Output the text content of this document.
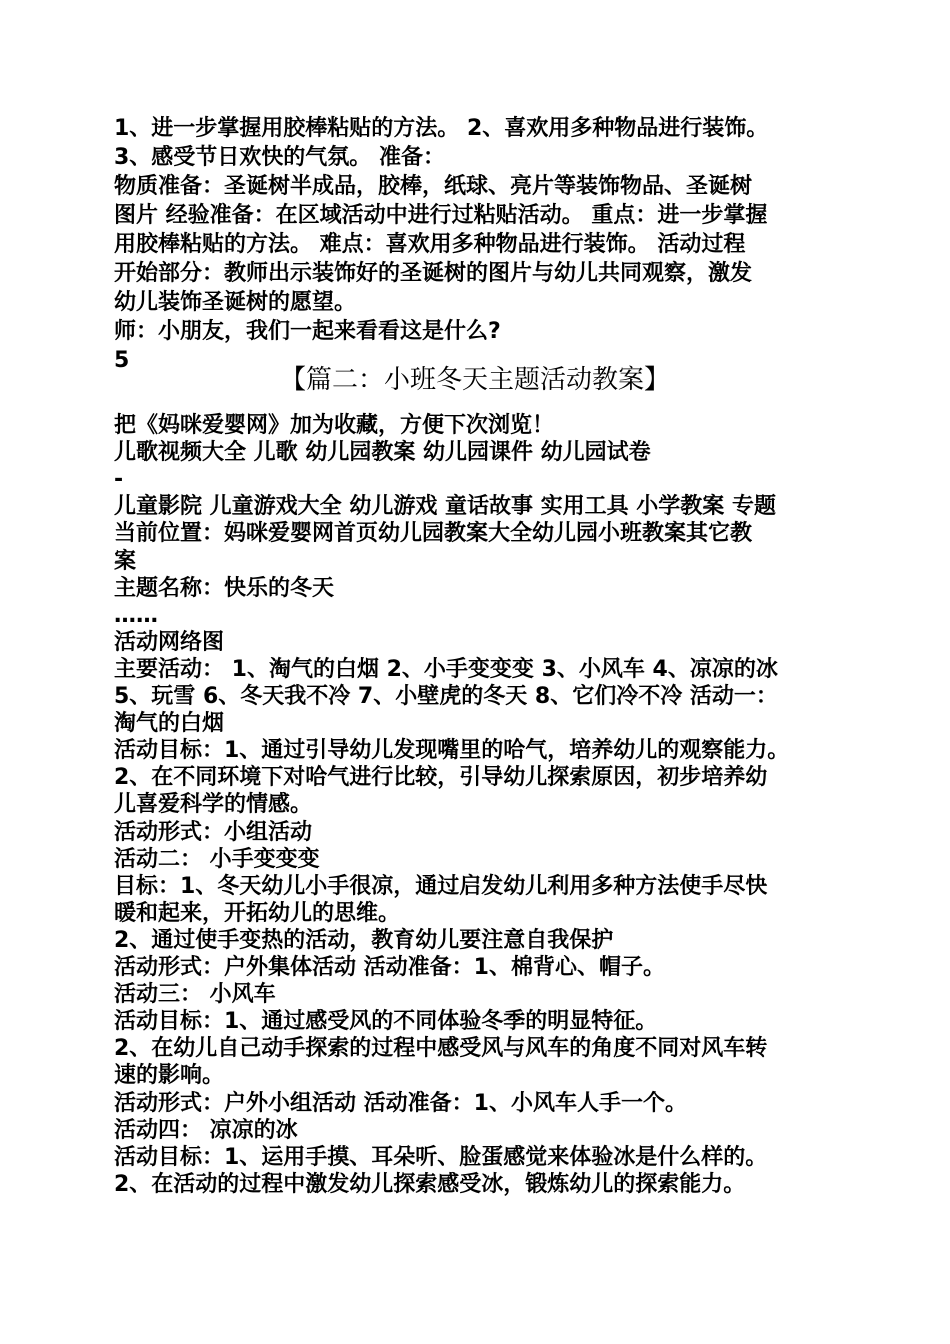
1、进一步掌握用胶棒粘贴的方法。 2、喜欢用多种物品进行装饰。
3、感受节日欢快的气氛。 准备：
物质准备：圣诞树半成品，胶棒，纸球、亮片等装饰物品、圣诞树
图片 经验准备：在区域活动中进行过粘贴活动。 重点：进一步掌握
用胶棒粘贴的方法。 难点：喜欢用多种物品进行装饰。 活动过程
开始部分：教师出示装饰好的圣诞树的图片与幼儿共同观察，激发
幼儿装饰圣诞树的愿望。
师：小朋友，我们一起来看看这是什么?
5
【篇二：小班冬天主题活动教案】
把《妈咪爱婴网》加为收藏，方便下次浏览！
儿歌视频大全 儿歌 幼儿园教案 幼儿园课件 幼儿园试卷
-
儿童影院 儿童游戏大全 幼儿游戏 童话故事 实用工具 小学教案 专题
当前位置：妈咪爱婴网首页幼儿园教案大全幼儿园小班教案其它教
案
主题名称：快乐的冬天
……
活动网络图
主要活动： 1、淘气的白烟 2、小手变变变 3、小风车 4、凉凉的冰
5、玩雪 6、冬天我不冷 7、小壁虎的冬天 8、它们冷不冷 活动一：
淘气的白烟
活动目标：1、通过引导幼儿发现嘴里的哈气，培养幼儿的观察能力。
2、在不同环境下对哈气进行比较，引导幼儿探索原因，初步培养幼
儿喜爱科学的情感。
活动形式：小组活动
活动二： 小手变变变
目标：1、冬天幼儿小手很凉，通过启发幼儿利用多种方法使手尽快
暖和起来，开拓幼儿的思维。
2、通过使手变热的活动，教育幼儿要注意自我保护
活动形式：户外集体活动 活动准备：1、棉背心、帽子。
活动三： 小风车
活动目标：1、通过感受风的不同体验冬季的明显特征。
2、在幼儿自己动手探索的过程中感受风与风车的角度不同对风车转
速的影响。
活动形式：户外小组活动 活动准备：1、小风车人手一个。
活动四： 凉凉的冰
活动目标：1、运用手摸、耳朵听、脸蛋感觉来体验冰是什么样的。
2、在活动的过程中激发幼儿探索感受冰，锻炼幼儿的探索能力。
